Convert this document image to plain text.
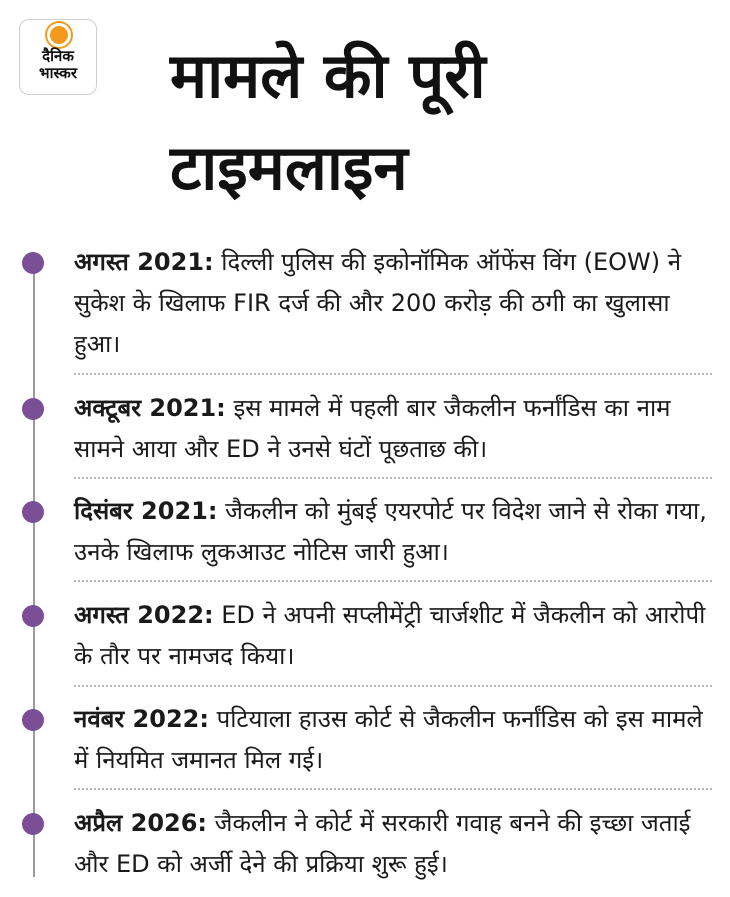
दैनिक
भास्कर	मामले की पूरी टाइमलाइन
अगस्त 2021: दिल्ली पुलिस की इकोनॉमिक ऑफेंस विंग (EOW) ने सुकेश के खिलाफ FIR दर्ज की और 200 करोड़ की ठगी का खुलासा हुआ।
अक्टूबर 2021: इस मामले में पहली बार जैकलीन फर्नांडिस का नाम सामने आया और ED ने उनसे घंटों पूछताछ की।
दिसंबर 2021: जैकलीन को मुंबई एयरपोर्ट पर विदेश जाने से रोका गया, उनके खिलाफ लुकआउट नोटिस जारी हुआ।
अगस्त 2022: ED ने अपनी सप्लीमेंट्री चार्जशीट में जैकलीन को आरोपी के तौर पर नामजद किया।
नवंबर 2022: पटियाला हाउस कोर्ट से जैकलीन फर्नांडिस को इस मामले में नियमित जमानत मिल गई।
अप्रैल 2026: जैकलीन ने कोर्ट में सरकारी गवाह बनने की इच्छा जताई और ED को अर्जी देने की प्रक्रिया शुरू हुई।
